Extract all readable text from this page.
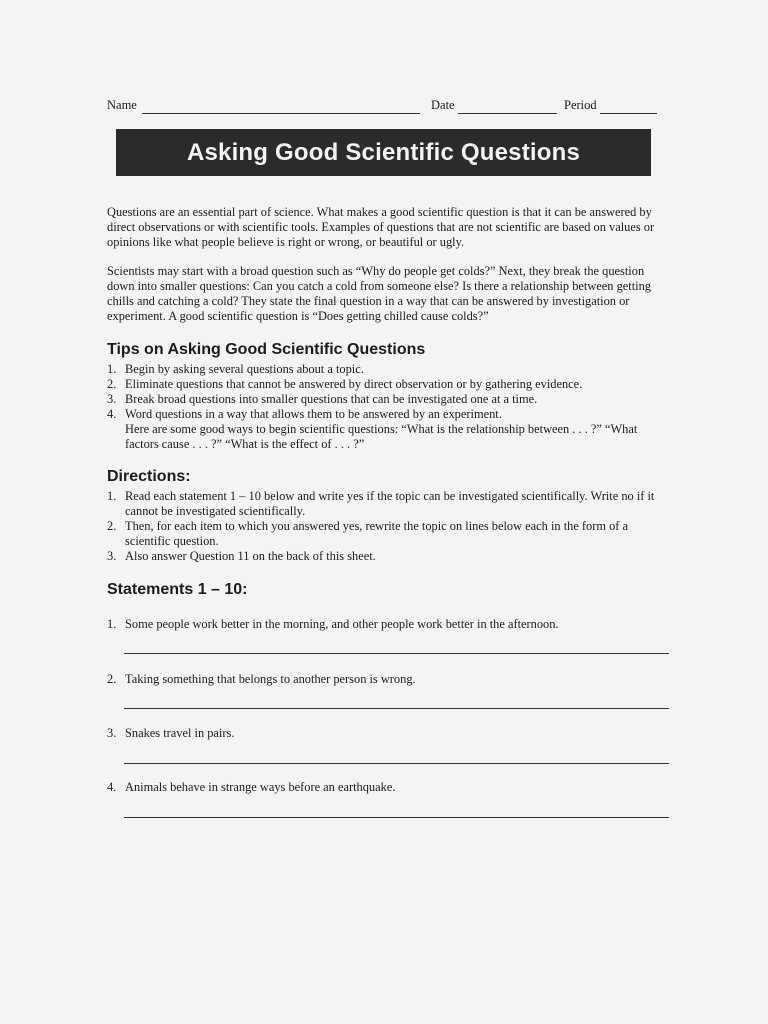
Name	Date	Period
Asking Good Scientific Questions
Questions are an essential part of science. What makes a good scientific question is that it can be answered by direct observations or with scientific tools. Examples of questions that are not scientific are based on values or opinions like what people believe is right or wrong, or beautiful or ugly.
Scientists may start with a broad question such as “Why do people get colds?” Next, they break the question down into smaller questions: Can you catch a cold from someone else? Is there a relationship between getting chills and catching a cold? They state the final question in a way that can be answered by investigation or experiment. A good scientific question is “Does getting chilled cause colds?”
Tips on Asking Good Scientific Questions
1. Begin by asking several questions about a topic.
2. Eliminate questions that cannot be answered by direct observation or by gathering evidence.
3. Break broad questions into smaller questions that can be investigated one at a time.
4. Word questions in a way that allows them to be answered by an experiment.
Here are some good ways to begin scientific questions: “What is the relationship between . . . ?” “What factors cause . . . ?” “What is the effect of . . . ?”
Directions:
1. Read each statement 1 – 10 below and write yes if the topic can be investigated scientifically. Write no if it cannot be investigated scientifically.
2. Then, for each item to which you answered yes, rewrite the topic on lines below each in the form of a scientific question.
3. Also answer Question 11 on the back of this sheet.
Statements 1 – 10:
1. Some people work better in the morning, and other people work better in the afternoon.
2. Taking something that belongs to another person is wrong.
3. Snakes travel in pairs.
4. Animals behave in strange ways before an earthquake.
